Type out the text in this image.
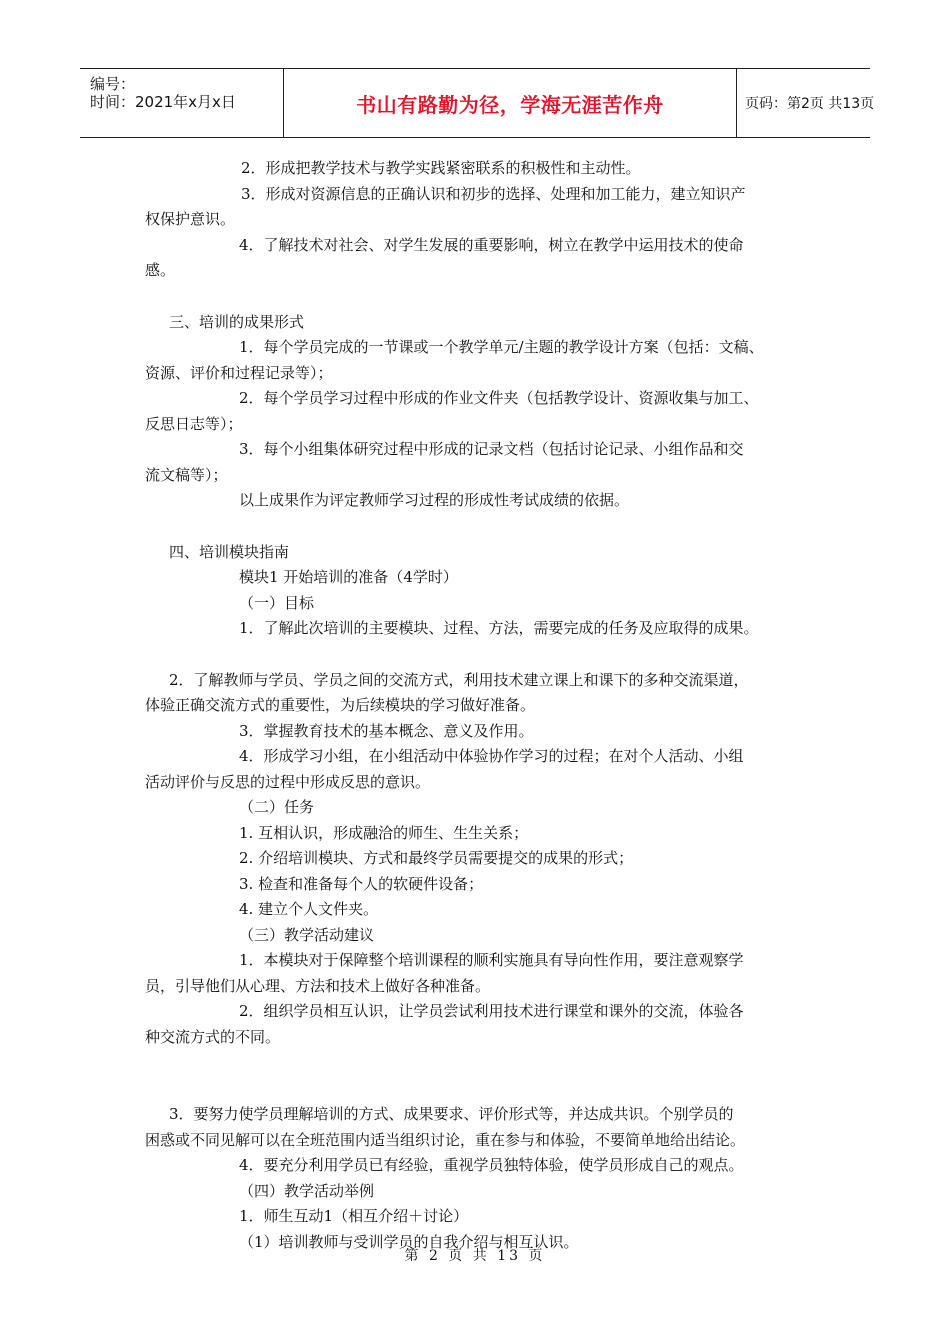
编号：
时间：2021年x月x日	书山有路勤为径，学海无涯苦作舟	页码：第2页 共13页

2．形成把教学技术与教学实践紧密联系的积极性和主动性。

3．形成对资源信息的正确认识和初步的选择、处理和加工能力，建立知识产

权保护意识。

4．了解技术对社会、对学生发展的重要影响，树立在教学中运用技术的使命

感。

三、培训的成果形式

1．每个学员完成的一节课或一个教学单元/主题的教学设计方案（包括：文稿、

资源、评价和过程记录等）；

2．每个学员学习过程中形成的作业文件夹（包括教学设计、资源收集与加工、

反思日志等）；

3．每个小组集体研究过程中形成的记录文档（包括讨论记录、小组作品和交

流文稿等）；

以上成果作为评定教师学习过程的形成性考试成绩的依据。

四、培训模块指南

模块1 开始培训的准备（4学时）

（一）目标

1．了解此次培训的主要模块、过程、方法，需要完成的任务及应取得的成果。

2．了解教师与学员、学员之间的交流方式，利用技术建立课上和课下的多种交流渠道，

体验正确交流方式的重要性，为后续模块的学习做好准备。

3．掌握教育技术的基本概念、意义及作用。

4．形成学习小组，在小组活动中体验协作学习的过程；在对个人活动、小组

活动评价与反思的过程中形成反思的意识。

（二）任务

1. 互相认识，形成融洽的师生、生生关系；

2. 介绍培训模块、方式和最终学员需要提交的成果的形式；

3. 检查和准备每个人的软硬件设备；

4. 建立个人文件夹。

（三）教学活动建议

1．本模块对于保障整个培训课程的顺利实施具有导向性作用，要注意观察学

员，引导他们从心理、方法和技术上做好各种准备。

2．组织学员相互认识，让学员尝试利用技术进行课堂和课外的交流，体验各

种交流方式的不同。

3．要努力使学员理解培训的方式、成果要求、评价形式等，并达成共识。个别学员的

困惑或不同见解可以在全班范围内适当组织讨论，重在参与和体验，不要简单地给出结论。

4．要充分利用学员已有经验，重视学员独特体验，使学员形成自己的观点。

（四）教学活动举例

1．师生互动1（相互介绍＋讨论）

（1）培训教师与受训学员的自我介绍与相互认识。

第 2 页 共 13 页
